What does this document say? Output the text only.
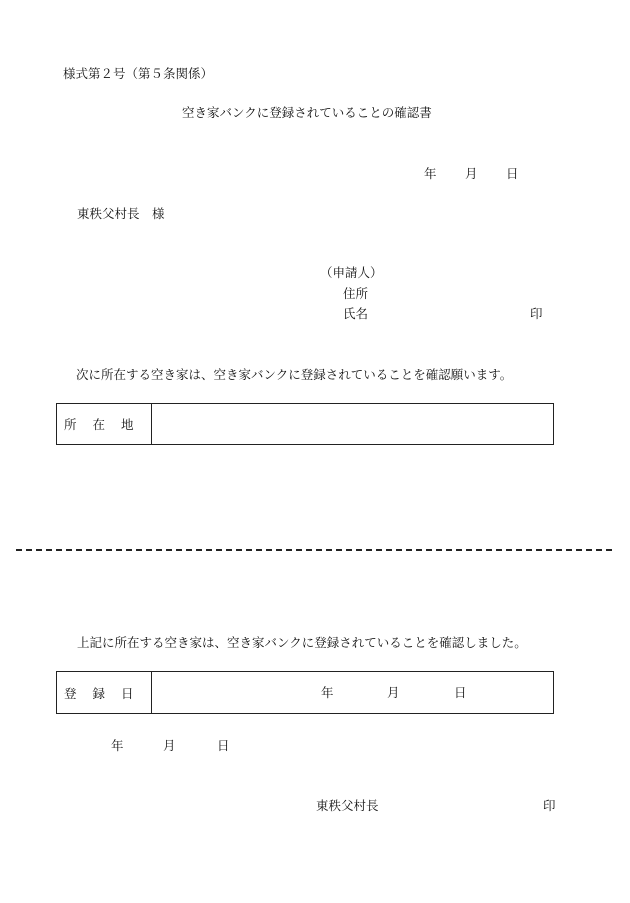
様式第２号（第５条関係）
空き家バンクに登録されていることの確認書
年 月 日
東秩父村長　様
（申請人）
住所
氏名	印
次に所在する空き家は、空き家バンクに登録されていることを確認願います。
所 在 地
上記に所在する空き家は、空き家バンクに登録されていることを確認しました。
登 録 日	年	月	日
年	月	日
東秩父村長	印
